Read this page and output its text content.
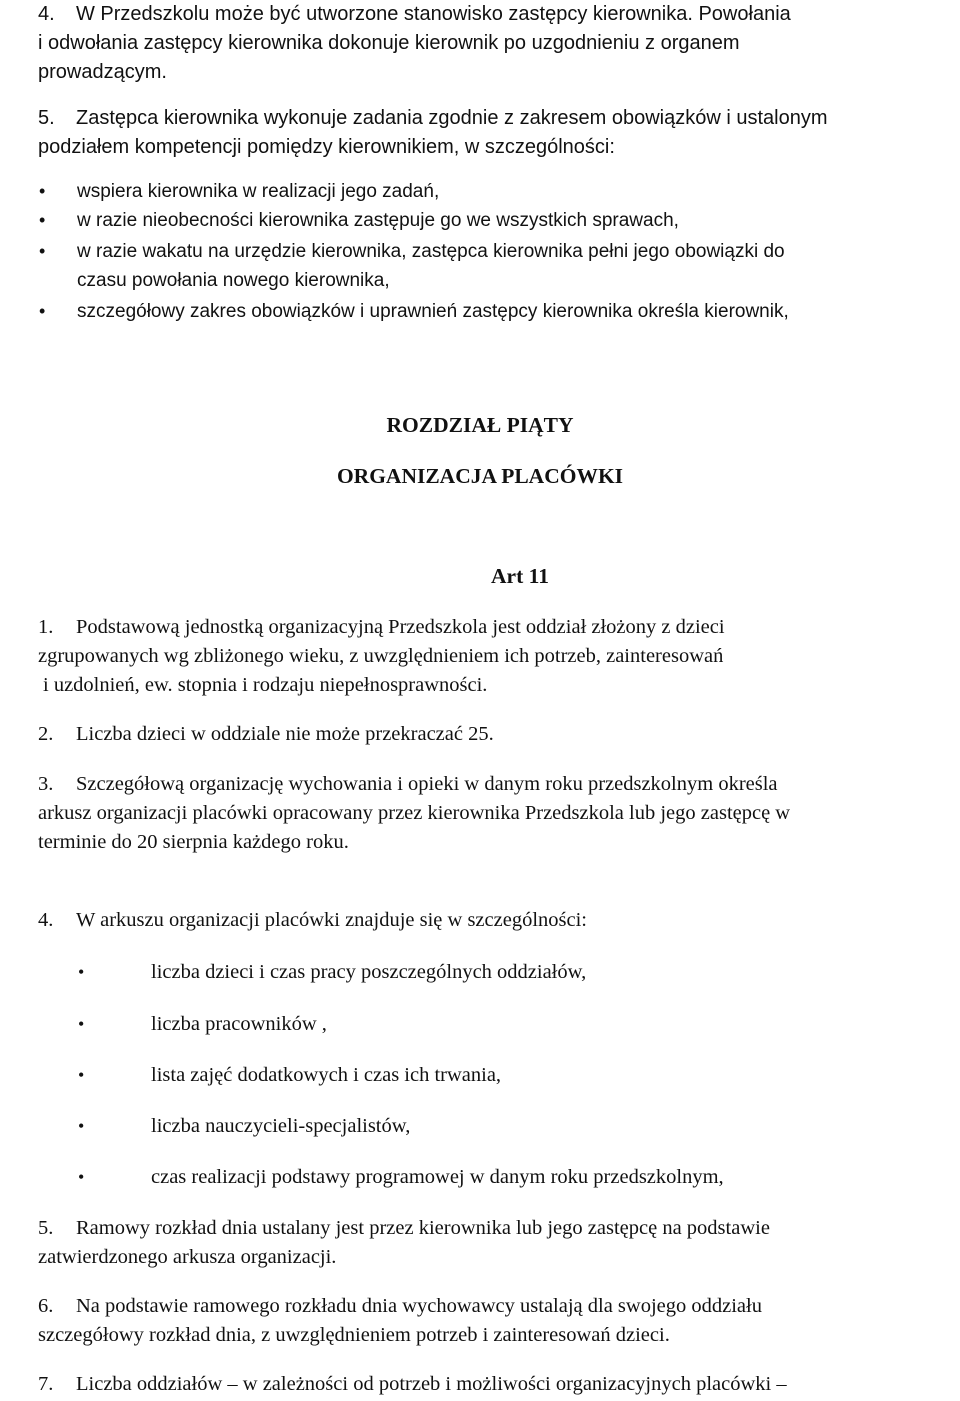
4. W Przedszkolu może być utworzone stanowisko zastępcy kierownika. Powołania
i odwołania zastępcy kierownika dokonuje kierownik po uzgodnieniu z organem
prowadzącym.
5. Zastępca kierownika wykonuje zadania zgodnie z zakresem obowiązków i ustalonym
podziałem kompetencji pomiędzy kierownikiem, w szczególności:
• wspiera kierownika w realizacji jego zadań,
• w razie nieobecności kierownika zastępuje go we wszystkich sprawach,
• w razie wakatu na urzędzie kierownika, zastępca kierownika pełni jego obowiązki do
czasu powołania nowego kierownika,
• szczegółowy zakres obowiązków i uprawnień zastępcy kierownika określa kierownik,
ROZDZIAŁ PIĄTY
ORGANIZACJA PLACÓWKI
Art 11
1. Podstawową jednostką organizacyjną Przedszkola jest oddział złożony z dzieci
zgrupowanych wg zbliżonego wieku, z uwzględnieniem ich potrzeb, zainteresowań
i uzdolnień, ew. stopnia i rodzaju niepełnosprawności.
2. Liczba dzieci w oddziale nie może przekraczać 25.
3. Szczegółową organizację wychowania i opieki w danym roku przedszkolnym określa
arkusz organizacji placówki opracowany przez kierownika Przedszkola lub jego zastępcę w
terminie do 20 sierpnia każdego roku.
4. W arkuszu organizacji placówki znajduje się w szczególności:
•	liczba dzieci i czas pracy poszczególnych oddziałów,
•	liczba pracowników ,
•	lista zajęć dodatkowych i czas ich trwania,
•	liczba nauczycieli-specjalistów,
•	czas realizacji podstawy programowej w danym roku przedszkolnym,
5. Ramowy rozkład dnia ustalany jest przez kierownika lub jego zastępcę na podstawie
zatwierdzonego arkusza organizacji.
6. Na podstawie ramowego rozkładu dnia wychowawcy ustalają dla swojego oddziału
szczegółowy rozkład dnia, z uwzględnieniem potrzeb i zainteresowań dzieci.
7. Liczba oddziałów – w zależności od potrzeb i możliwości organizacyjnych placówki –
